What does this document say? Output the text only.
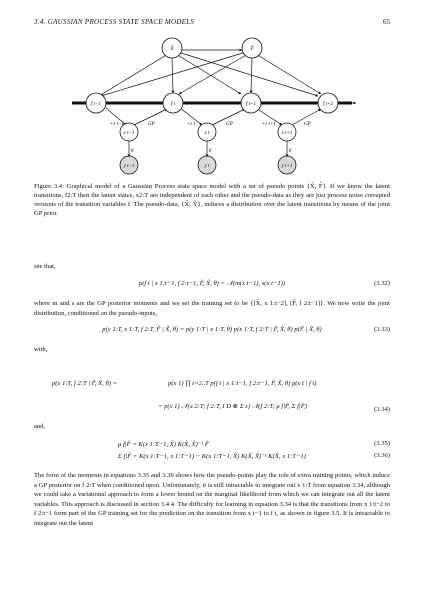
3.4. GAUSSIAN PROCESS STATE SPACE MODELS	65
X̃	F̃
f t−1	f t	f t+1	f t+2
x t−1	x t	x t+1
y t−1	y t	y t+1
+ε t−1	GP	+ε t	GP	+ε t+1	GP
g	g	g
Figure 3.4: Graphical model of a Gaussian Process state space model with a set of pseudo points {X̃, F̃}. If we know the latent transitions, f2:T then the latent states, x2:T are independent of each other and the pseudo-data as they are just process noise corrupted versions of the transition variables f. The pseudo-data, {X̃, Ỹ}, induces a distribution over the latent transitions by means of the joint GP prior.
see that,
p(f t | x 1:t−1, f 2:t−1, F̃, X̃, θ) = 𝒩(m(x t−1), s(x t−1))	(3.32)
where m and s are the GP posterior moments and we set the training set to be {[X̃, x 1:t−2], [F̃, f 2:t−1]}. We now write the joint distribution, conditioned on the pseudo-inputs,
p(y 1:T, x 1:T, f 2:T, F̃ | X̃, θ) = p(y 1:T | x 1:T, θ) p(x 1:T, f 2:T | F̃, X̃, θ) p(F̃ | X̃, θ)	(3.33)
with,
p(x 1:T, f 2:T | F̃, X̃, θ) =	p(x 1) ∏ t=2..T p(f t | x 1:t−1, f 2:t−1, F̃, X̃, θ) p(x t | f t)
= p(x 1) 𝒩(x 2:T; f 2:T, I D ⊗ Σ ε) 𝒩(f 2:T; μ f|F̃, Σ f|F̃)	(3.34)
and,
μ f|F̃ = K(x 1:T−1, X̃) K(X̃, X̃)⁻¹ F̃	(3.35)
Σ f|F̃ = K(x 1:T−1, x 1:T−1) − K(x 1:T−1, X̃) K(X̃, X̃)⁻¹ K(X̃, x 1:T−1)	(3.36)
The form of the moments in equations 3.35 and 3.36 shows how the pseudo-points play the role of extra training points, which induce a GP posterior on f 2:T when conditioned upon. Unfortunately, it is still intractable to integrate out x 1:T from equation 3.34, although we could take a variational approach to form a lower bound on the marginal likelihood from which we can integrate out all the latent variables. This approach is discussed in section 3.4.4. The difficulty for learning in equation 3.34 is that the transitions from x 1:t−2 to f 2:t−1 form part of the GP training set for the prediction on the transition from x t−1 to f t, as shown in figure 3.5. It is intractable to integrate out the latent
